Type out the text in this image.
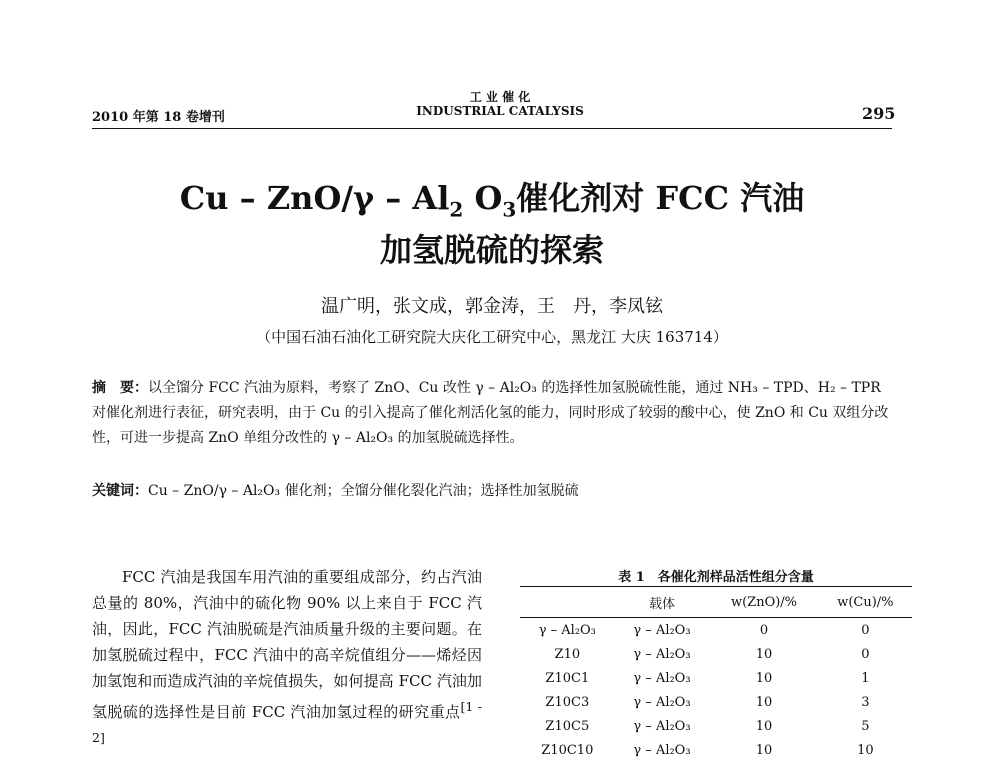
2010 年第 18 卷增刊
工 业 催 化
INDUSTRIAL CATALYSIS	295
Cu – $ZnO/\gamma - Al_2$ $O_3$催化剂对 FCC 汽油
加氢脱硫的探索
温广明，张文成，郭金涛，王　丹，李凤铉
（中国石油石油化工研究院大庆化工研究中心，黑龙江 大庆 163714）
摘　要：以全馏分 FCC 汽油为原料，考察了 ZnO、Cu 改性 γ – Al₂O₃ 的选择性加氢脱硫性能，通过 NH₃ – TPD、H₂ – TPR 对催化剂进行表征，研究表明，由于 Cu 的引入提高了催化剂活化氢的能力，同时形成了较弱的酸中心，使 ZnO 和 Cu 双组分改性，可进一步提高 ZnO 单组分改性的 γ – Al₂O₃ 的加氢脱硫选择性。
关键词：Cu – ZnO/γ – Al₂O₃ 催化剂；全馏分催化裂化汽油；选择性加氢脱硫
FCC 汽油是我国车用汽油的重要组成部分，约占汽油总量的 80%，汽油中的硫化物 90% 以上来自于 FCC 汽油，因此，FCC 汽油脱硫是汽油质量升级的主要问题。在加氢脱硫过程中，FCC 汽油中的高辛烷值组分——烯烃因加氢饱和而造成汽油的辛烷值损失，如何提高 FCC 汽油加氢脱硫的选择性是目前 FCC 汽油加氢过程的研究重点[1 - 2]
表 1　各催化剂样品活性组分含量
	载体	w(ZnO)/%	w(Cu)/%
γ – Al₂O₃	γ – Al₂O₃	0	0
Z10	γ – Al₂O₃	10	0
Z10C1	γ – Al₂O₃	10	1
Z10C3	γ – Al₂O₃	10	3
Z10C5	γ – Al₂O₃	10	5
Z10C10	γ – Al₂O₃	10	10
